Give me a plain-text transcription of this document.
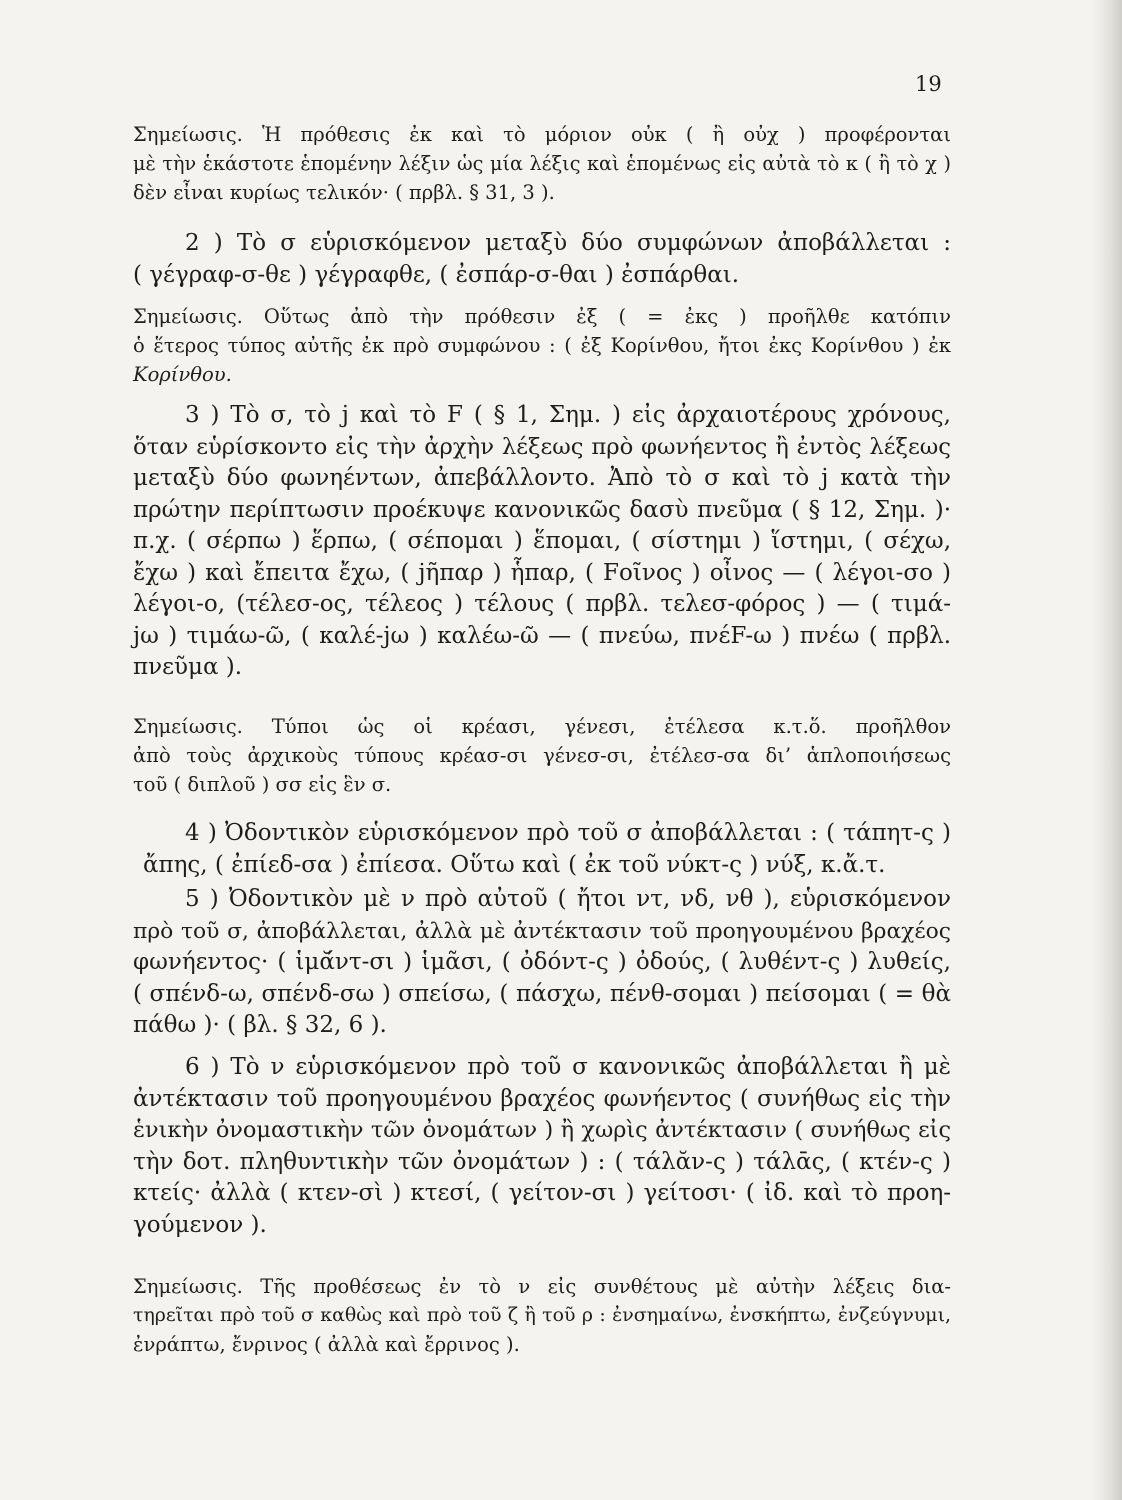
19
Σημείωσις. Ἡ πρόθεσις ἐκ καὶ τὸ μόριον οὐκ ( ἢ οὐχ ) προφέρονται
μὲ τὴν ἑκάστοτε ἑπομένην λέξιν ὡς μία λέξις καὶ ἑπομένως εἰς αὐτὰ τὸ κ ( ἢ τὸ χ )
δὲν εἶναι κυρίως τελικόν· ( πρβλ. § 31, 3 ).
2 ) Τὸ σ εὑρισκόμενον μεταξὺ δύο συμφώνων ἀποβάλλεται :
( γέγραφ-σ-θε ) γέγραφθε, ( ἐσπάρ-σ-θαι ) ἐσπάρθαι.
Σημείωσις. Οὕτως ἀπὸ τὴν πρόθεσιν ἐξ ( = ἐκς ) προῆλθε κατόπιν
ὁ ἕτερος τύπος αὐτῆς ἐκ πρὸ συμφώνου : ( ἐξ Κορίνθου, ἤτοι ἐκς Κορίνθου ) ἐκ
Κορίνθου.
3 ) Τὸ σ, τὸ j καὶ τὸ F ( § 1, Σημ. ) εἰς ἀρχαιοτέρους χρόνους,
ὅταν εὑρίσκοντο εἰς τὴν ἀρχὴν λέξεως πρὸ φωνήεντος ἢ ἐντὸς λέξεως
μεταξὺ δύο φωνηέντων, ἀπεβάλλοντο. Ἀπὸ τὸ σ καὶ τὸ j κατὰ τὴν
πρώτην περίπτωσιν προέκυψε κανονικῶς δασὺ πνεῦμα ( § 12, Σημ. )·
π.χ. ( σέρπω ) ἕρπω, ( σέπομαι ) ἕπομαι, ( σίστημι ) ἵστημι, ( σέχω,
ἔχω ) καὶ ἔπειτα ἔχω, ( jῆπαρ ) ἧπαρ, ( Fοῖνος ) οἶνος — ( λέγοι-σο )
λέγοι-ο, (τέλεσ-ος, τέλεος ) τέλους ( πρβλ. τελεσ-φόρος ) — ( τιμά-
jω ) τιμάω-ῶ, ( καλέ-jω ) καλέω-ῶ — ( πνεύω, πνέF-ω ) πνέω ( πρβλ.
πνεῦμα ).
Σημείωσις. Τύποι ὡς οἱ κρέασι, γένεσι, ἐτέλεσα κ.τ.ὅ. προῆλθον
ἀπὸ τοὺς ἀρχικοὺς τύπους κρέασ-σι γένεσ-σι, ἐτέλεσ-σα δι’ ἁπλοποιήσεως
τοῦ ( διπλοῦ ) σσ εἰς ἓν σ.
4 ) Ὀδοντικὸν εὑρισκόμενον πρὸ τοῦ σ ἀποβάλλεται : ( τάπητ-ς )
ἄπης, ( ἐπίεδ-σα ) ἐπίεσα. Οὕτω καὶ ( ἐκ τοῦ νύκτ-ς ) νύξ, κ.ἄ.τ.
5 ) Ὀδοντικὸν μὲ ν πρὸ αὐτοῦ ( ἤτοι ντ, νδ, νθ ), εὑρισκόμενον
πρὸ τοῦ σ, ἀποβάλλεται, ἀλλὰ μὲ ἀντέκτασιν τοῦ προηγουμένου βραχέος
φωνήεντος· ( ἱμᾰ́ντ-σι ) ἱμᾶσι, ( ὀδόντ-ς ) ὀδούς, ( λυθέντ-ς ) λυθείς,
( σπένδ-ω, σπένδ-σω ) σπείσω, ( πάσχω, πένθ-σομαι ) πείσομαι ( = θὰ
πάθω )· ( βλ. § 32, 6 ).
6 ) Τὸ ν εὑρισκόμενον πρὸ τοῦ σ κανονικῶς ἀποβάλλεται ἢ μὲ
ἀντέκτασιν τοῦ προηγουμένου βραχέος φωνήεντος ( συνήθως εἰς τὴν
ἑνικὴν ὀνομαστικὴν τῶν ὀνομάτων ) ἢ χωρὶς ἀντέκτασιν ( συνήθως εἰς
τὴν δοτ. πληθυντικὴν τῶν ὀνομάτων ) : ( τάλᾰν-ς ) τάλᾱς, ( κτέν-ς )
κτείς· ἀλλὰ ( κτεν-σὶ ) κτεσί, ( γείτον-σι ) γείτοσι· ( ἰδ. καὶ τὸ προη-
γούμενον ).
Σημείωσις. Τῆς προθέσεως ἐν τὸ ν εἰς συνθέτους μὲ αὐτὴν λέξεις δια-
τηρεῖται πρὸ τοῦ σ καθὼς καὶ πρὸ τοῦ ζ ἢ τοῦ ρ : ἐνσημαίνω, ἐνσκήπτω, ἐνζεύγνυμι,
ἐνράπτω, ἔνρινος ( ἀλλὰ καὶ ἔρρινος ).
